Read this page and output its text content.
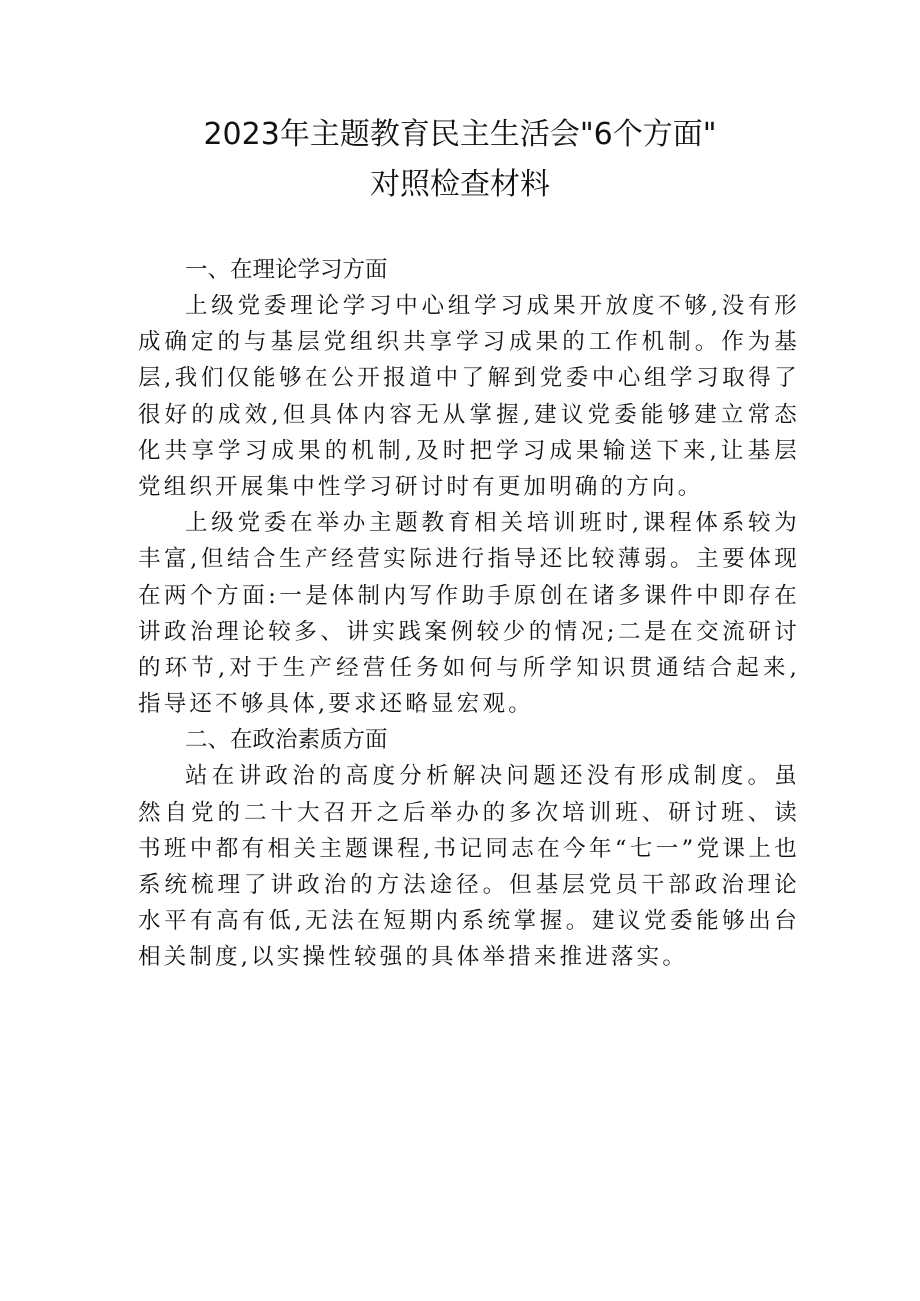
2023年主题教育民主生活会"6个方面"
对照检查材料

一、在理论学习方面

上级党委理论学习中心组学习成果开放度不够,没有形成确定的与基层党组织共享学习成果的工作机制。作为基层,我们仅能够在公开报道中了解到党委中心组学习取得了很好的成效,但具体内容无从掌握,建议党委能够建立常态化共享学习成果的机制,及时把学习成果输送下来,让基层党组织开展集中性学习研讨时有更加明确的方向。

上级党委在举办主题教育相关培训班时,课程体系较为丰富,但结合生产经营实际进行指导还比较薄弱。主要体现在两个方面:一是体制内写作助手原创在诸多课件中即存在讲政治理论较多、讲实践案例较少的情况;二是在交流研讨的环节,对于生产经营任务如何与所学知识贯通结合起来,指导还不够具体,要求还略显宏观。

二、在政治素质方面

站在讲政治的高度分析解决问题还没有形成制度。虽然自党的二十大召开之后举办的多次培训班、研讨班、读书班中都有相关主题课程,书记同志在今年“七一”党课上也系统梳理了讲政治的方法途径。但基层党员干部政治理论水平有高有低,无法在短期内系统掌握。建议党委能够出台相关制度,以实操性较强的具体举措来推进落实。
